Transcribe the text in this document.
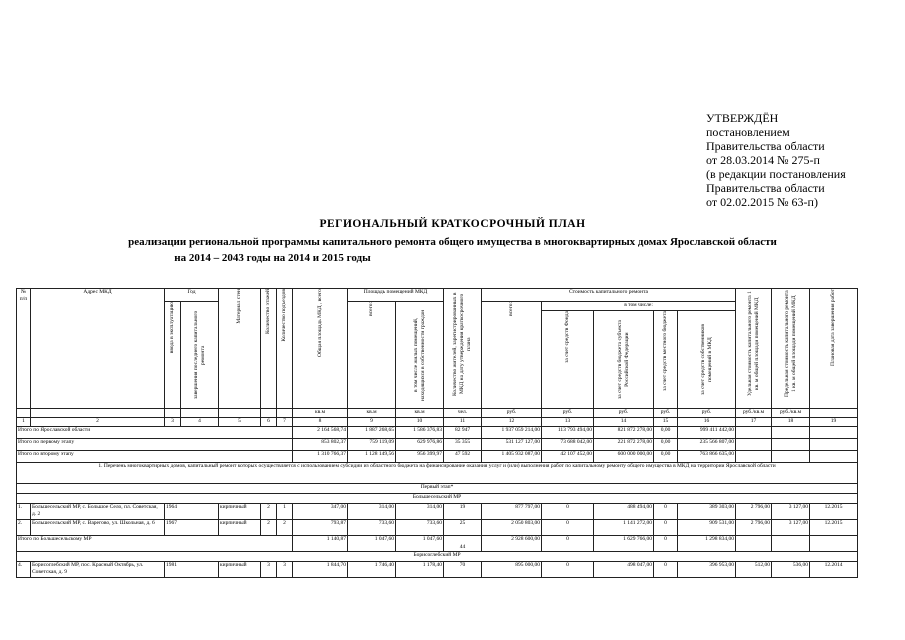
УТВЕРЖДЁН
постановлением
Правительства области
от 28.03.2014 № 275-п
(в редакции постановления
Правительства области
от 02.02.2015 № 63-п)
РЕГИОНАЛЬНЫЙ КРАТКОСРОЧНЫЙ ПЛАН
реализации региональной программы капитального ремонта общего имущества в многоквартирных домах Ярославской области
на 2014 – 2043 годы на 2014 и 2015 годы
№ п/п	Адрес МКД	Год		Материал стен	Количество этажей	Количество подъездов	Общая площадь МКД , всего	Площадь помещений МКД		Количество жителей, зарегистрированных в МКД на дату утверждения краткосрочного плана	Стоимость капитального ремонта					Удельная стоимость капитального ремонта 1 кв. м общей площади помещений МКД	Предельная стоимость капитального ремонта 1 кв. м общей площади помещений МКД	Плановая дата завершения работ

		ввода в эксплуатацию	завершения последнего капитального ремонта					всего:	в том числе жилых помещений, находящихся в собственности граждан		всего:	в том числе:						

												за счет средств Фонда	за счет средств бюджета субъекта Российской Федерации	за счет средств местного бюджета	за счет средств собственников помещений в МКД			

							кв.м	кв.м	кв.м	чел.	руб.	руб.	руб.	руб.	руб.	руб./кв.м	руб./кв.м	
1	2	3	4	5	6	7	8	9	10	11	12	13	14	15	16	17	18	19
Итого по Ярославской области							2 164 568,74	1 887 268,65	1 586 376,83	82 947	1 937 059 214,00	113 793 494,00	821 872 278,00	0,00	999 411 442,00			
Итого по первому этапу							853 802,37	759 119,09	629 976,86	35 355	531 127 127,00	73 688 042,00	221 872 278,00	0,00	235 566 807,00			
Итого по второму этапу							1 310 766,37	1 128 149,56	956 399,97	47 592	1 405 932 087,00	42 107 452,00	600 000 000,00	0,00	763 866 635,00			
1. Перечень многоквартирных домов, капитальный ремонт которых осуществляется с использованием субсидии из областного бюджета на финансирование оказания услуг и (или) выполнения работ по капитальному ремонту общего имущества в МКД на территории Ярославской области																		
Первый этап*																		
Большесельский МР																		
1.	Большесельский МР, с. Большое Село, пл. Советская, д. 2	1964		кирпичный	2	1	347,00	314,00	314,00	19	877 797,00	0	488 494,00	0	389 303,00	2 796,00	3 127,00	12.2015
2.	Большесельский МР, с. Варегово, ул. Школьная, д. 6	1967		кирпичный	2	2	793,87	733,60	733,60	25	2 050 803,00	0	1 141 272,00	0	909 531,00	2 796,00	3 127,00	12.2015
Итого по Большесельскому МР							1 140,87	1 047,60	1 047,60	44	2 928 600,00	0	1 629 766,00	0	1 298 834,00			
Борисоглебский МР																		
4.	Борисоглебский МР, пос. Красный Октябрь, ул. Советская, д. 9	1981		кирпичный	3	3	1 844,70	1 746,40	1 178,40	70	895 000,00	0	498 047,00	0	396 953,00	512,00	536,00	12.2014
